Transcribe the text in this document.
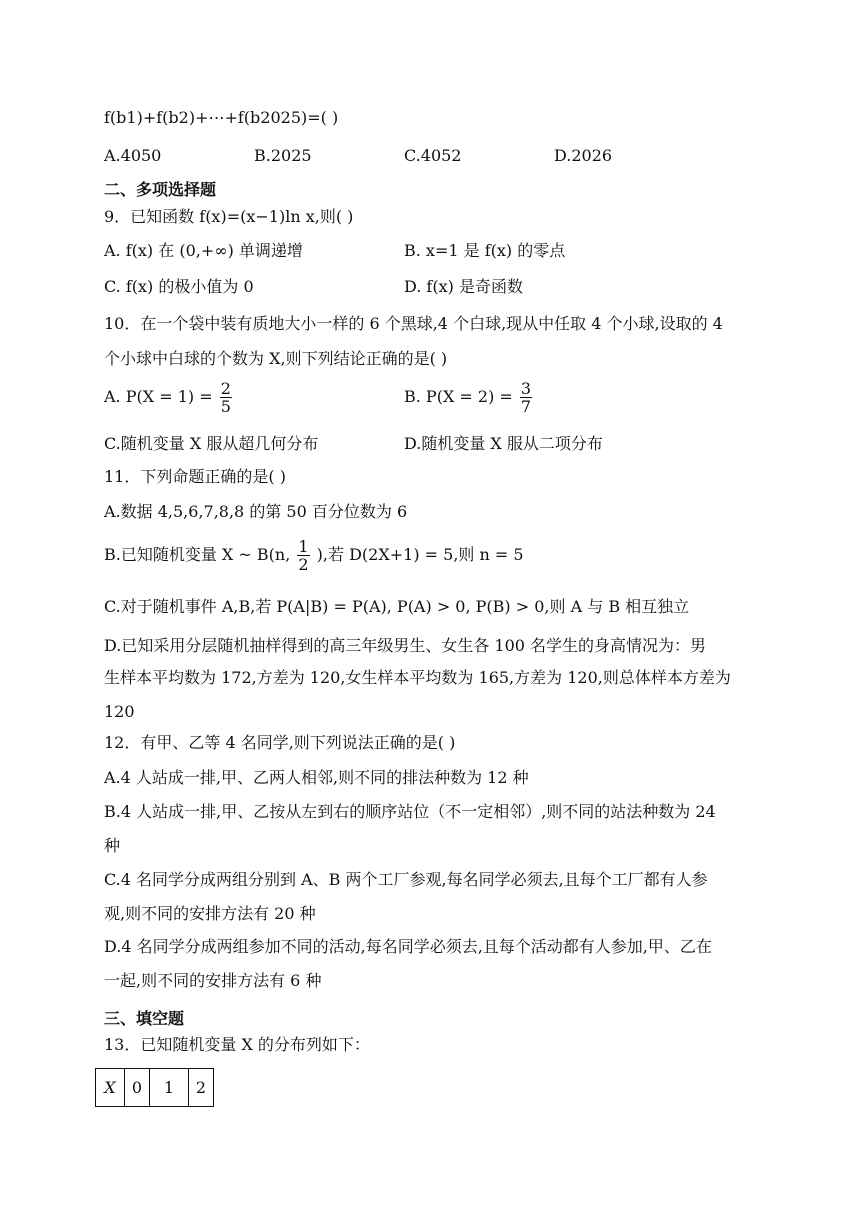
f(b1)+f(b2)+⋯+f(b2025)=( )
A.4050	B.2025	C.4052	D.2026
二、多项选择题
9．已知函数 f(x)=(x−1)ln x,则( )
A. f(x) 在 (0,+∞) 单调递增	B. x=1 是 f(x) 的零点
C. f(x) 的极小值为 0	D. f(x) 是奇函数
10．在一个袋中装有质地大小一样的 6 个黑球,4 个白球,现从中任取 4 个小球,设取的 4
个小球中白球的个数为 X,则下列结论正确的是( )
A. $P(X = 1) = \frac{2}{5}$	B. $P(X = 2) = \frac{3}{7}$
C.随机变量 X 服从超几何分布	D.随机变量 X 服从二项分布
11．下列命题正确的是( )
A.数据 4,5,6,7,8,8 的第 50 百分位数为 6
B.已知随机变量 X ~ B(n, $\frac{1}{2}$ ),若 D(2X+1) = 5,则 n = 5
C.对于随机事件 A,B,若 P(A|B) = P(A), P(A) > 0, P(B) > 0,则 A 与 B 相互独立
D.已知采用分层随机抽样得到的高三年级男生、女生各 100 名学生的身高情况为：男
生样本平均数为 172,方差为 120,女生样本平均数为 165,方差为 120,则总体样本方差为
120
12．有甲、乙等 4 名同学,则下列说法正确的是( )
A.4 人站成一排,甲、乙两人相邻,则不同的排法种数为 12 种
B.4 人站成一排,甲、乙按从左到右的顺序站位（不一定相邻）,则不同的站法种数为 24
种
C.4 名同学分成两组分别到 A、B 两个工厂参观,每名同学必须去,且每个工厂都有人参
观,则不同的安排方法有 20 种
D.4 名同学分成两组参加不同的活动,每名同学必须去,且每个活动都有人参加,甲、乙在
一起,则不同的安排方法有 6 种
三、填空题
13．已知随机变量 X 的分布列如下：
X	0	1	2
